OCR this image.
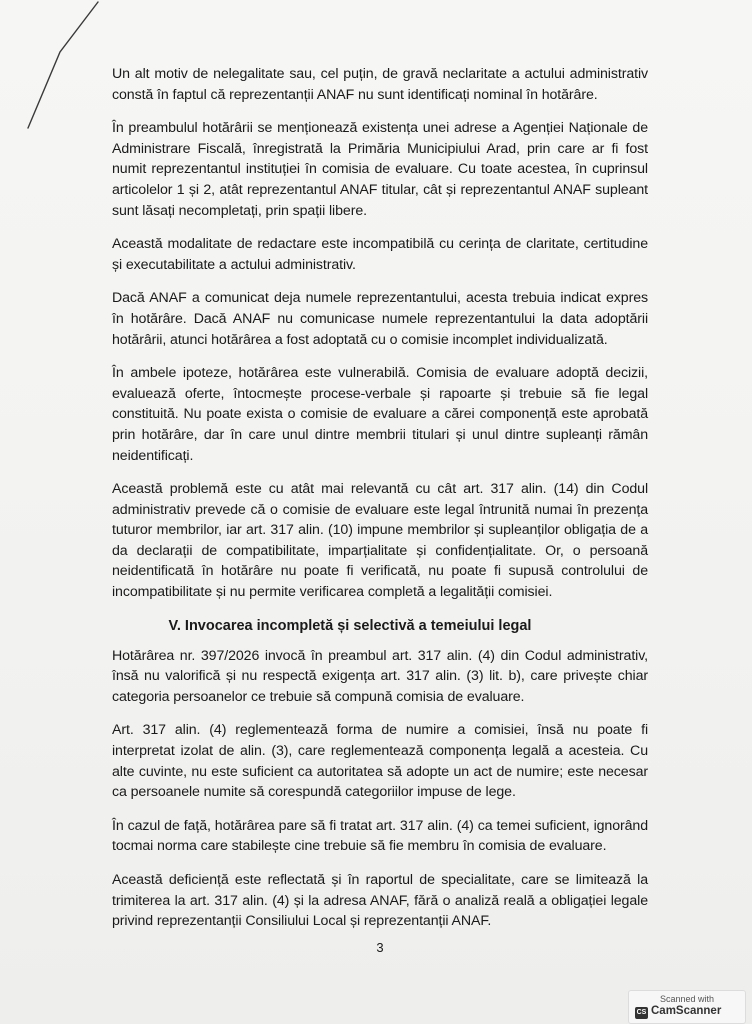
Un alt motiv de nelegalitate sau, cel puțin, de gravă neclaritate a actului administrativ constă în faptul că reprezentanții ANAF nu sunt identificați nominal în hotărâre.

În preambulul hotărârii se menționează existența unei adrese a Agenției Naționale de Administrare Fiscală, înregistrată la Primăria Municipiului Arad, prin care ar fi fost numit reprezentantul instituției în comisia de evaluare. Cu toate acestea, în cuprinsul articolelor 1 și 2, atât reprezentantul ANAF titular, cât și reprezentantul ANAF supleant sunt lăsați necompletați, prin spații libere.

Această modalitate de redactare este incompatibilă cu cerința de claritate, certitudine și executabilitate a actului administrativ.

Dacă ANAF a comunicat deja numele reprezentantului, acesta trebuia indicat expres în hotărâre. Dacă ANAF nu comunicase numele reprezentantului la data adoptării hotărârii, atunci hotărârea a fost adoptată cu o comisie incomplet individualizată.

În ambele ipoteze, hotărârea este vulnerabilă. Comisia de evaluare adoptă decizii, evaluează oferte, întocmește procese-verbale și rapoarte și trebuie să fie legal constituită. Nu poate exista o comisie de evaluare a cărei componență este aprobată prin hotărâre, dar în care unul dintre membrii titulari și unul dintre supleanți rămân neidentificați.

Această problemă este cu atât mai relevantă cu cât art. 317 alin. (14) din Codul administrativ prevede că o comisie de evaluare este legal întrunită numai în prezența tuturor membrilor, iar art. 317 alin. (10) impune membrilor și supleanților obligația de a da declarații de compatibilitate, imparțialitate și confidențialitate. Or, o persoană neidentificată în hotărâre nu poate fi verificată, nu poate fi supusă controlului de incompatibilitate și nu permite verificarea completă a legalității comisiei.

V. Invocarea incompletă și selectivă a temeiului legal

Hotărârea nr. 397/2026 invocă în preambul art. 317 alin. (4) din Codul administrativ, însă nu valorifică și nu respectă exigența art. 317 alin. (3) lit. b), care privește chiar categoria persoanelor ce trebuie să compună comisia de evaluare.

Art. 317 alin. (4) reglementează forma de numire a comisiei, însă nu poate fi interpretat izolat de alin. (3), care reglementează componența legală a acesteia. Cu alte cuvinte, nu este suficient ca autoritatea să adopte un act de numire; este necesar ca persoanele numite să corespundă categoriilor impuse de lege.

În cazul de față, hotărârea pare să fi tratat art. 317 alin. (4) ca temei suficient, ignorând tocmai norma care stabilește cine trebuie să fie membru în comisia de evaluare.

Această deficiență este reflectată și în raportul de specialitate, care se limitează la trimiterea la art. 317 alin. (4) și la adresa ANAF, fără o analiză reală a obligației legale privind reprezentanții Consiliului Local și reprezentanții ANAF.

3
Scanned with
CS CamScanner
